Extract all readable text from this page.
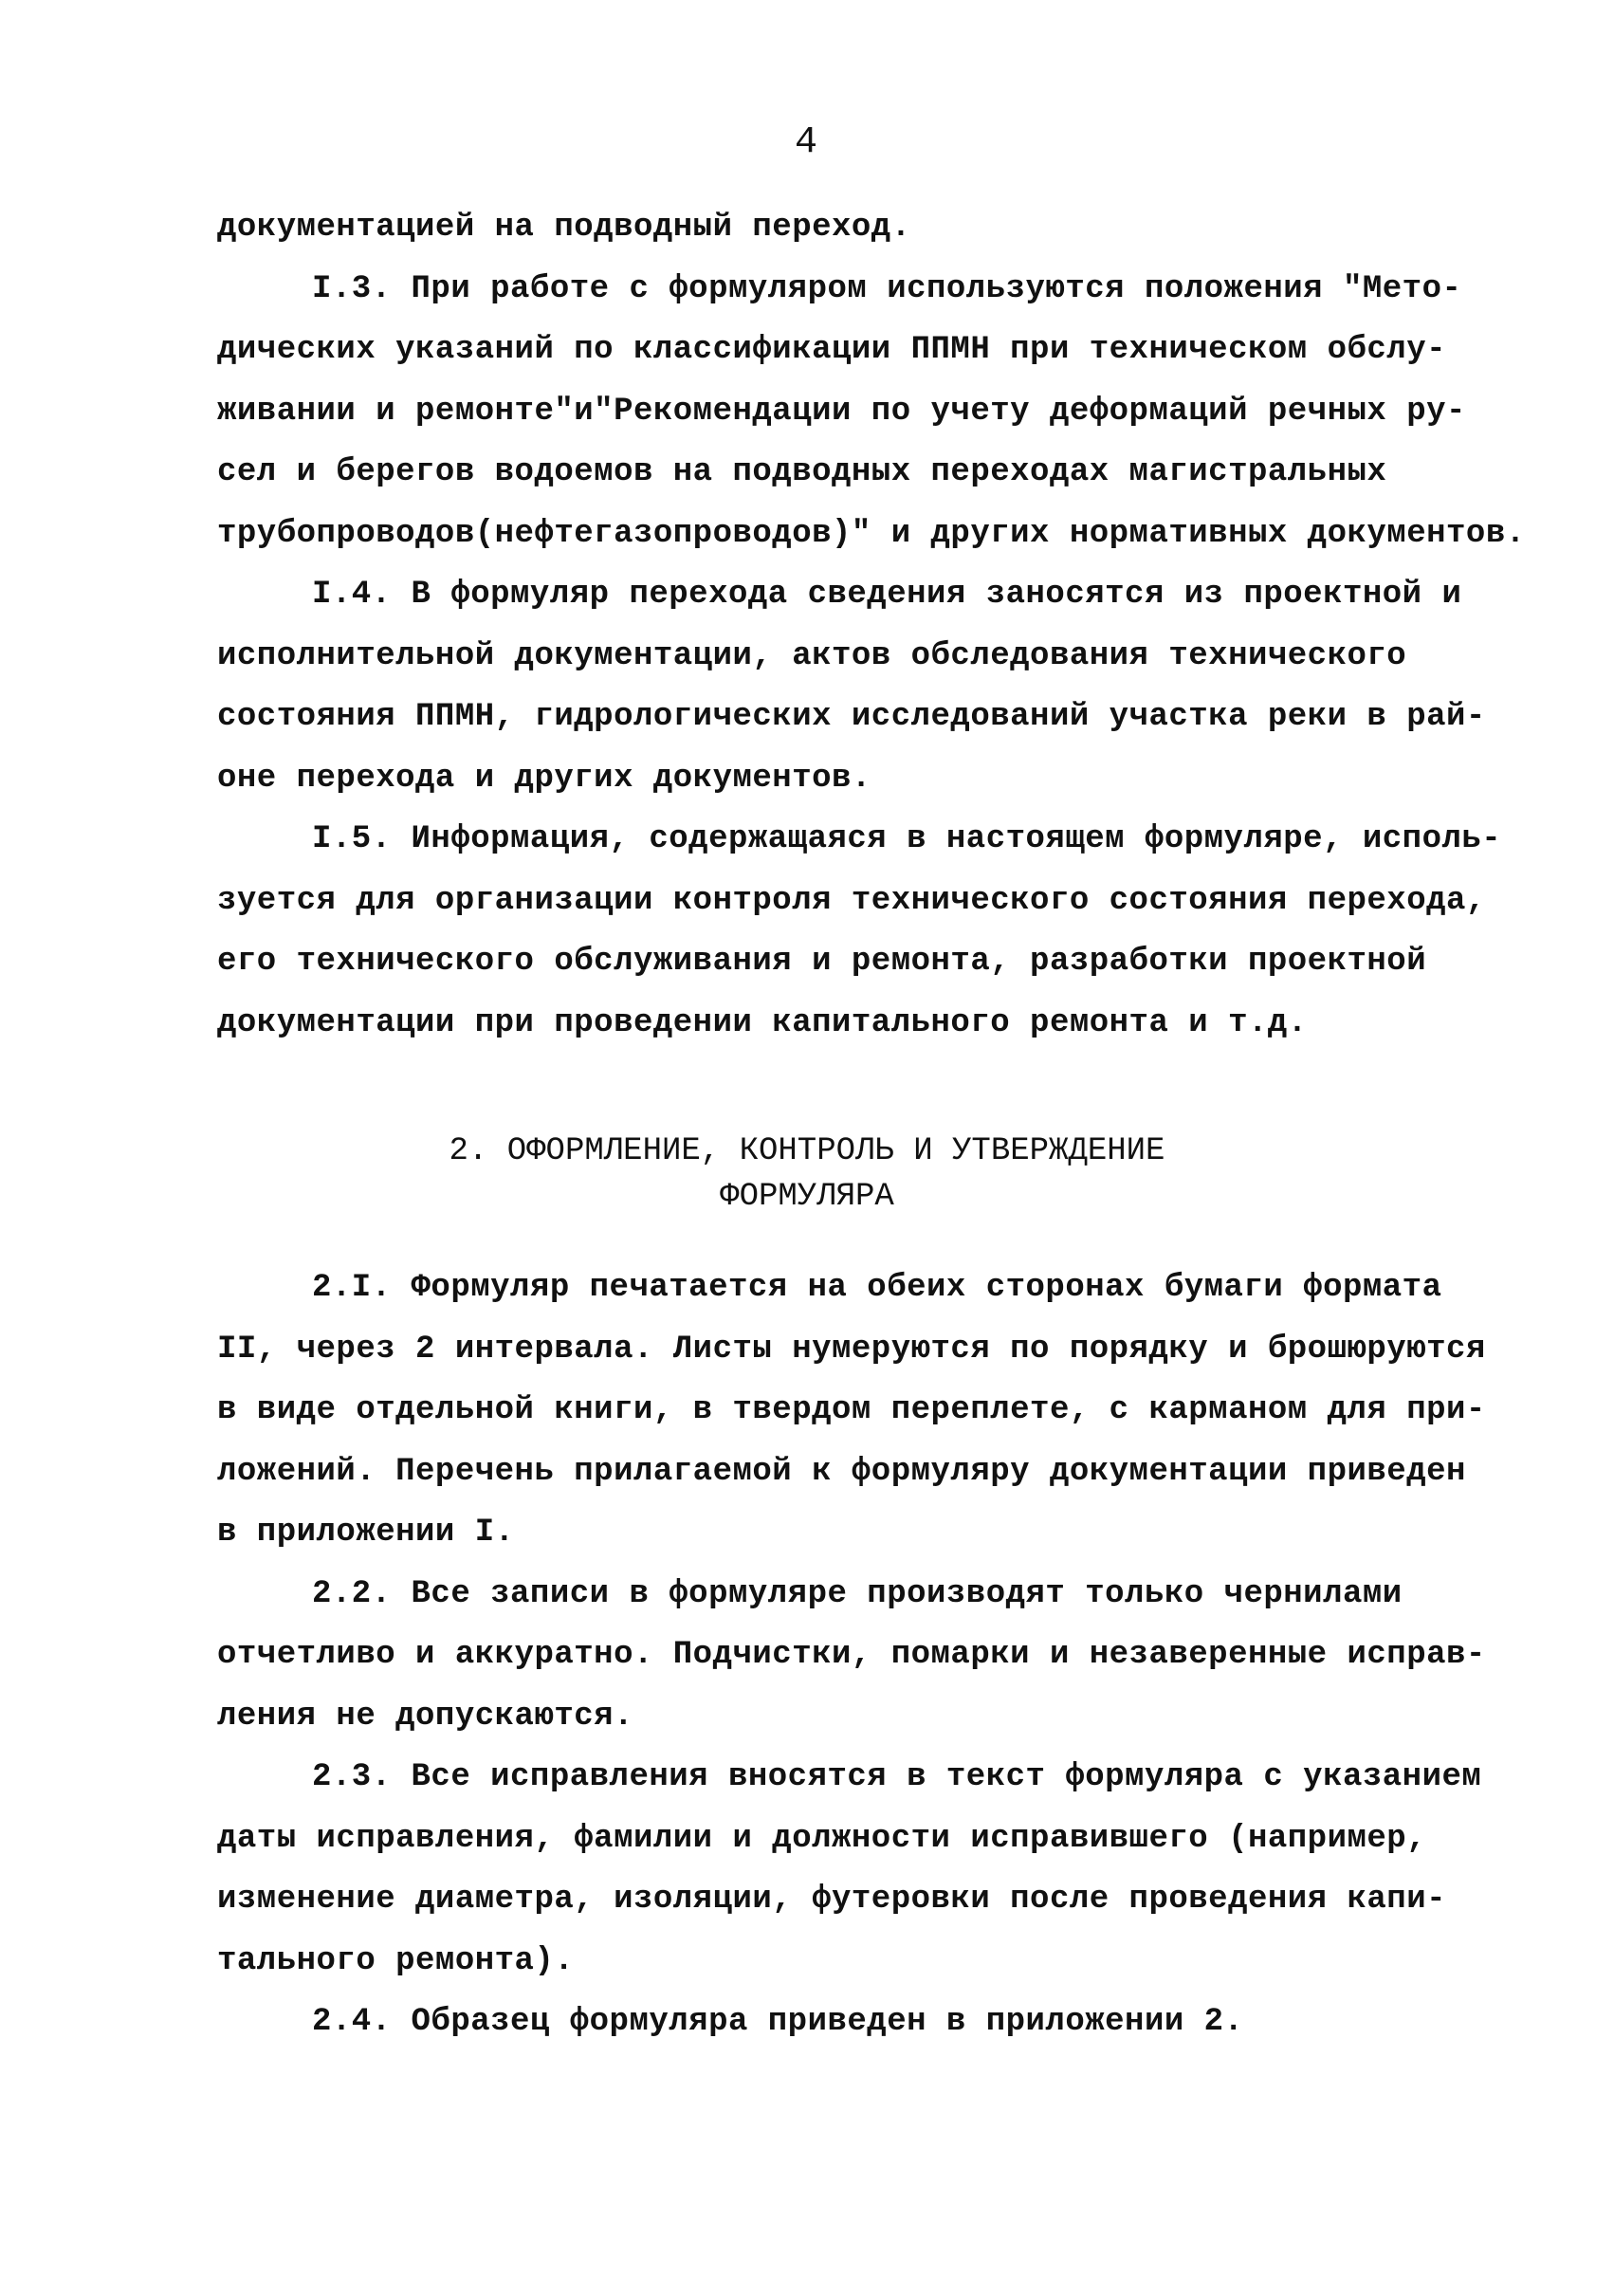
4

документацией на подводный переход.

I.3. При работе с формуляром используются положения "Мето-
дических указаний по классификации ППМН при техническом обслу-
живании и ремонте"и"Рекомендации по учету деформаций речных ру-
сел и берегов водоемов на подводных переходах магистральных
трубопроводов(нефтегазопроводов)" и других нормативных документов.

I.4. В формуляр перехода сведения заносятся из проектной и
исполнительной документации, актов обследования технического
состояния ППМН, гидрологических исследований участка реки в рай-
оне перехода и других документов.

I.5. Информация, содержащаяся в настоящем формуляре, исполь-
зуется для организации контроля технического состояния перехода,
его технического обслуживания и ремонта, разработки проектной
документации при проведении капитального ремонта и т.д.

2. ОФОРМЛЕНИЕ, КОНТРОЛЬ И УТВЕРЖДЕНИЕ
ФОРМУЛЯРА

2.I. Формуляр печатается на обеих сторонах бумаги формата
II, через 2 интервала. Листы нумеруются по порядку и брошюруются
в виде отдельной книги, в твердом переплете, с карманом для при-
ложений. Перечень прилагаемой к формуляру документации приведен
в приложении I.

2.2. Все записи в формуляре производят только чернилами
отчетливо и аккуратно. Подчистки, помарки и незаверенные исправ-
ления не допускаются.

2.3. Все исправления вносятся в текст формуляра с указанием
даты исправления, фамилии и должности исправившего (например,
изменение диаметра, изоляции, футеровки после проведения капи-
тального ремонта).

2.4. Образец формуляра приведен в приложении 2.
